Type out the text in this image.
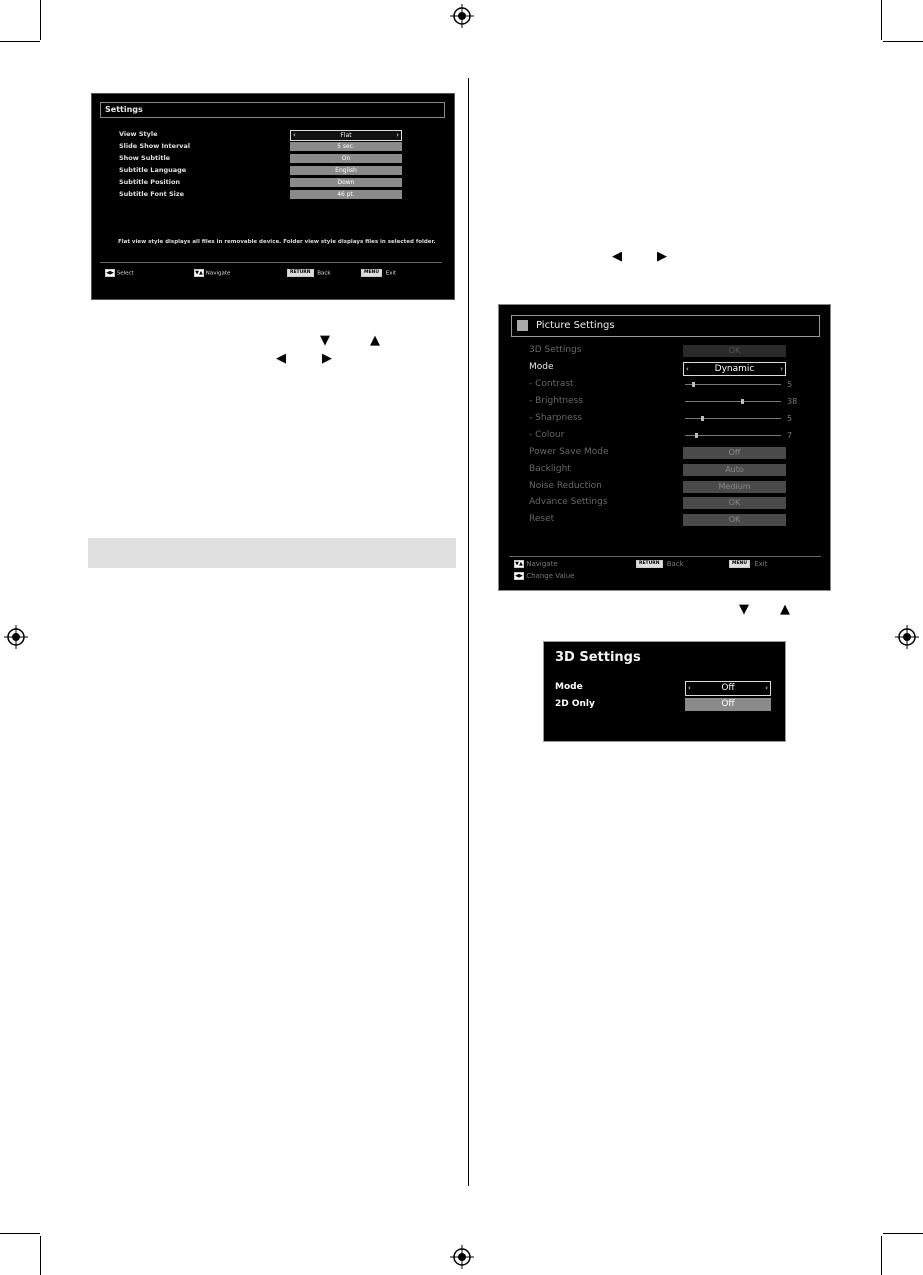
Settings
View Style	‹	Flat	›
Slide Show Interval	5 sec.
Show Subtitle	On
Subtitle Language	English
Subtitle Position	Down
Subtitle Font Size	46 pt.
Flat view style displays all files in removable device. Folder view style displays files in selected folder.
◀▶ Select	▼▲ Navigate	RETURN Back	MENU Exit
▼	▲
◀	▶
◀	▶
▼ ▲
Picture Settings
3D Settings	OK
Mode	‹	Dynamic	›
- Contrast	5
- Brightness	38
- Sharpness	5
- Colour	7
Power Save Mode	Off
Backlight	Auto
Noise Reduction	Medium
Advance Settings	OK
Reset	OK
▼▲ Navigate
◀▶ Change Value
RETURN Back	MENU Exit
3D Settings
Mode	‹	Off	›
2D Only	Off
